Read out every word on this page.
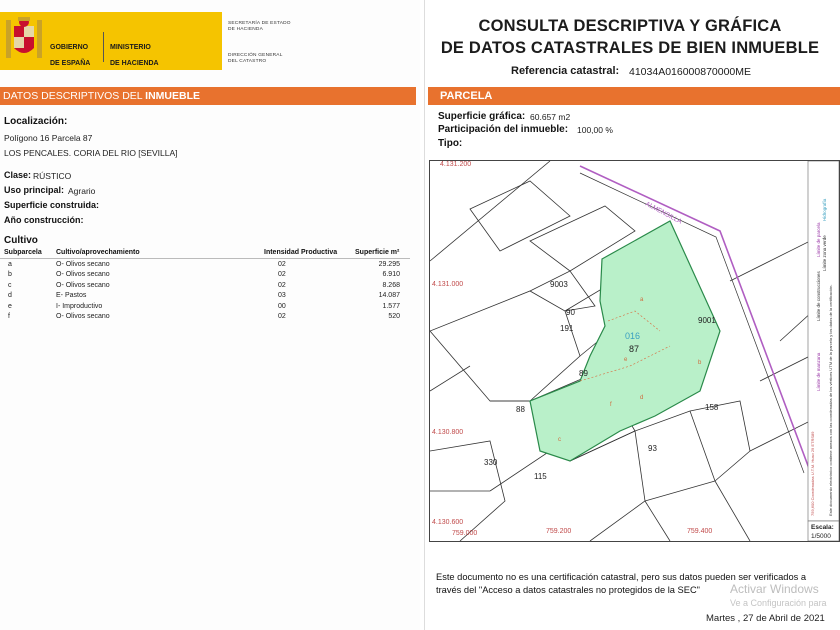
GOBIERNO

DE ESPAÑA

MINISTERIO

DE HACIENDA

SECRETARÍA DE ESTADO
DE HACIENDA
DIRECCIÓN GENERAL
DEL CATASTRO
DATOS DESCRIPTIVOS DEL INMUEBLE
Localización:
Polígono 16 Parcela 87
LOS PENCALES. CORIA DEL RIO [SEVILLA]
Clase: RÚSTICO
Uso principal: Agrario
Superficie construida:
Año construcción:
Cultivo
Subparcela Cultivo/aprovechamiento	Intensidad Productiva	Superficie m²
a	O- Olivos secano	02	29.295
b	O- Olivos secano	02	6.910
c	O- Olivos secano	02	8.268
d	E- Pastos	03	14.087
e	I- Improductivo	00	1.577
f	O- Olivos secano	02	520
CONSULTA DESCRIPTIVA Y GRÁFICA
DE DATOS CATASTRALES DE BIEN INMUEBLE
Referencia catastral: 41034A016000870000ME
PARCELA
Superficie gráfica: 60.657 m2
Participación del inmueble: 100,00 %
Tipo:
4.131.200
4.131.000
4.130.800
4.130.600
759.000	759.200	759.400
ALMENSILLA
016
87
9003
90
9001
191
89
88	158
93
330
115
a
b
c
d
e
f
Límite de parcela
Límite de construcciones
Límite de manzana
Hidrografía
Límite zona verde
Este documento electrónico contiene anexos con las coordenadas de los vértices UTM de la parcela y los datos de la certificación.
759,600 Coordenadas U.T.M. Huso 29 ETRS89
Escala:
1/5000
Este documento no es una certificación catastral, pero sus datos pueden ser verificados a través del "Acceso a datos catastrales no protegidos de la SEC"	Activar Windows
Ve a Configuración para
Martes , 27 de Abril de 2021
